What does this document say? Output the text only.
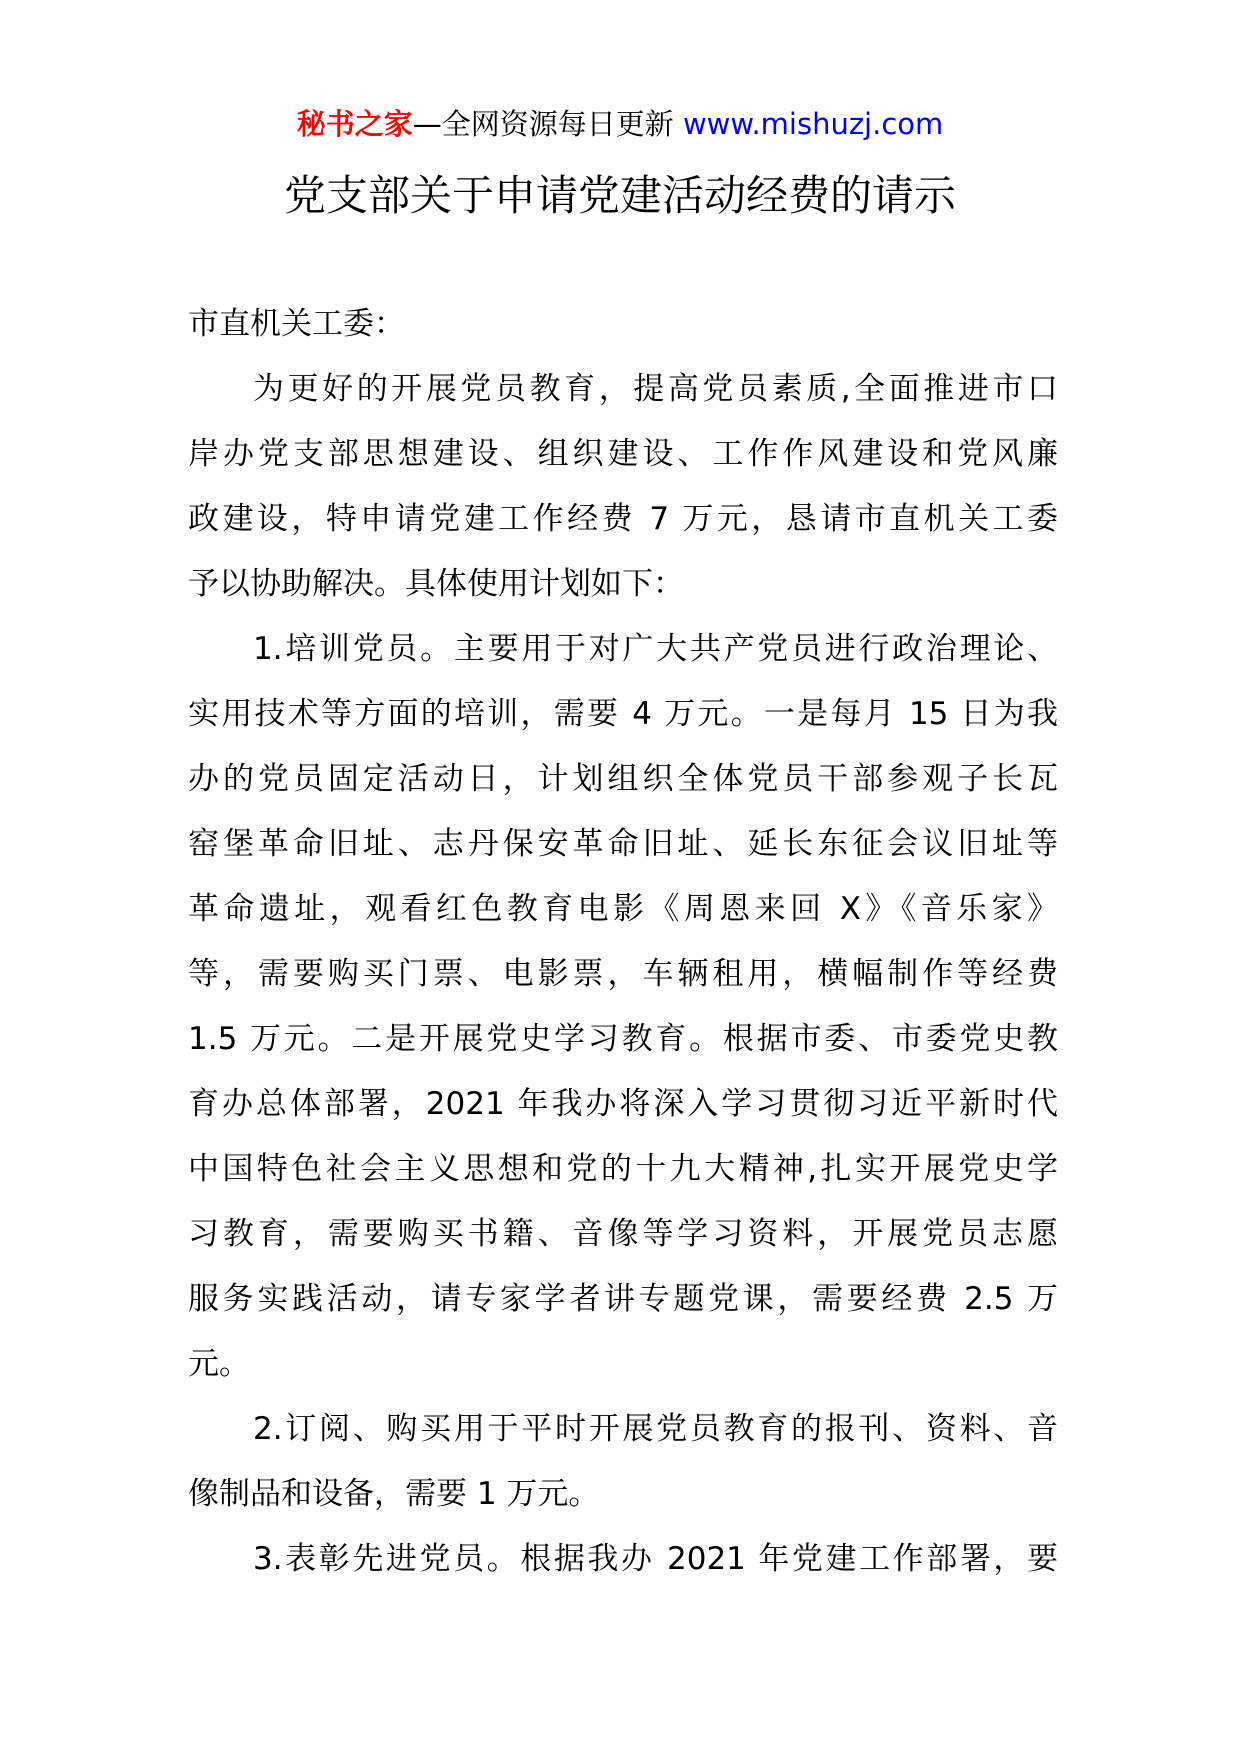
秘书之家—全网资源每日更新 www.mishuzj.com
党支部关于申请党建活动经费的请示
市直机关工委：
为更好的开展党员教育，提高党员素质,全面推进市口
岸办党支部思想建设、组织建设、工作作风建设和党风廉
政建设，特申请党建工作经费 7 万元，恳请市直机关工委
予以协助解决。具体使用计划如下：
1.培训党员。主要用于对广大共产党员进行政治理论、
实用技术等方面的培训，需要 4 万元。一是每月 15 日为我
办的党员固定活动日，计划组织全体党员干部参观子长瓦
窑堡革命旧址、志丹保安革命旧址、延长东征会议旧址等
革命遗址，观看红色教育电影《周恩来回 X》《音乐家》
等，需要购买门票、电影票，车辆租用，横幅制作等经费
1.5 万元。二是开展党史学习教育。根据市委、市委党史教
育办总体部署，2021 年我办将深入学习贯彻习近平新时代
中国特色社会主义思想和党的十九大精神,扎实开展党史学
习教育，需要购买书籍、音像等学习资料，开展党员志愿
服务实践活动，请专家学者讲专题党课，需要经费 2.5 万
元。
2.订阅、购买用于平时开展党员教育的报刊、资料、音
像制品和设备，需要 1 万元。
3.表彰先进党员。根据我办 2021 年党建工作部署，要
